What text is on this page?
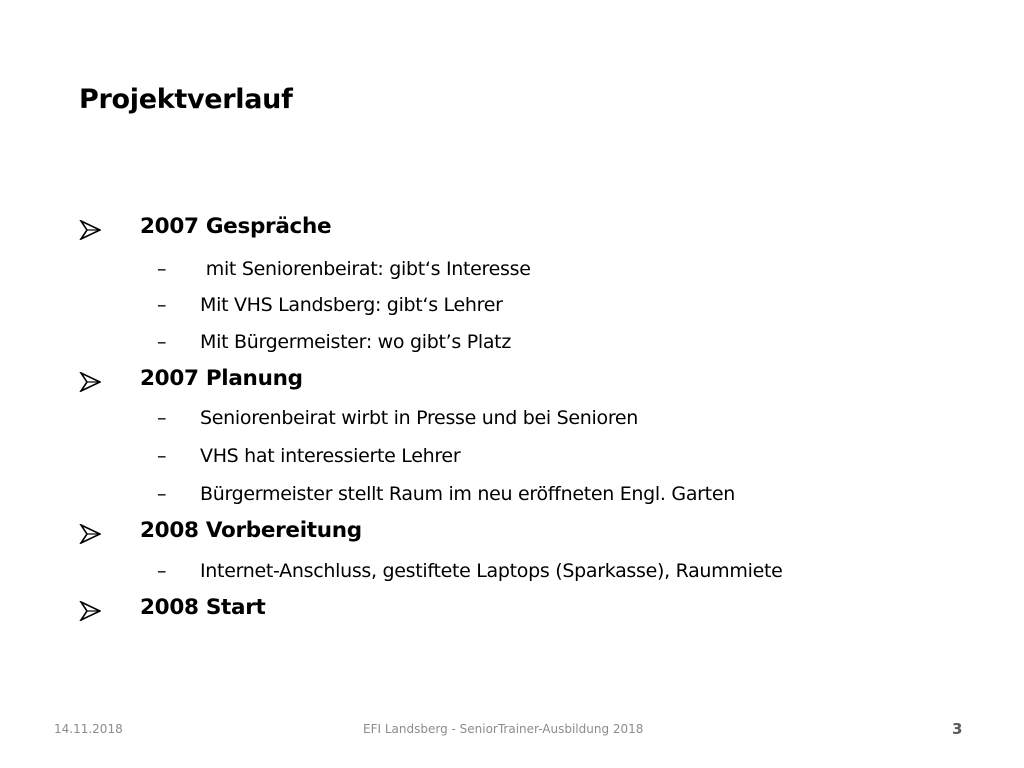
Projektverlauf
2007 Gespräche
– mit Seniorenbeirat: gibt‘s Interesse
– Mit VHS Landsberg: gibt‘s Lehrer
– Mit Bürgermeister: wo gibt’s Platz
2007 Planung
– Seniorenbeirat wirbt in Presse und bei Senioren
– VHS hat interessierte Lehrer
– Bürgermeister stellt Raum im neu eröffneten Engl. Garten
2008 Vorbereitung
– Internet-Anschluss, gestiftete Laptops (Sparkasse), Raummiete
2008 Start
14.11.2018	EFI Landsberg - SeniorTrainer-Ausbildung 2018	3
